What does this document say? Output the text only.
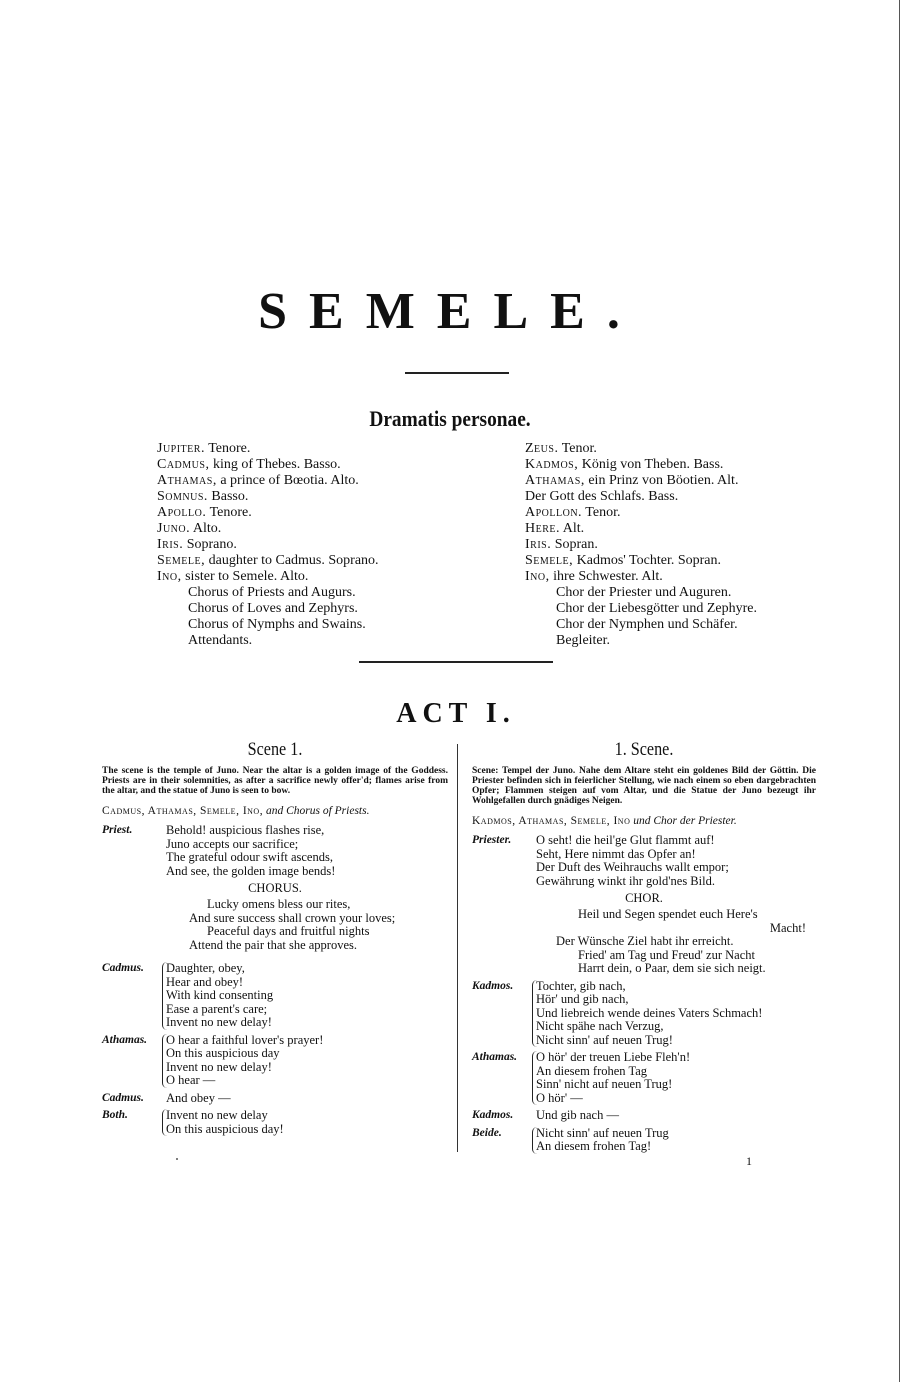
SEMELE.
Dramatis personae.
Jupiter. Tenore.
Cadmus, king of Thebes. Basso.
Athamas, a prince of Bœotia. Alto.
Somnus. Basso.
Apollo. Tenore.
Juno. Alto.
Iris. Soprano.
Semele, daughter to Cadmus. Soprano.
Ino, sister to Semele. Alto.
Chorus of Priests and Augurs.
Chorus of Loves and Zephyrs.
Chorus of Nymphs and Swains.
Attendants.
Zeus. Tenor.
Kadmos, König von Theben. Bass.
Athamas, ein Prinz von Böotien. Alt.
Der Gott des Schlafs. Bass.
Apollon. Tenor.
Here. Alt.
Iris. Sopran.
Semele, Kadmos' Tochter. Sopran.
Ino, ihre Schwester. Alt.
Chor der Priester und Auguren.
Chor der Liebesgötter und Zephyre.
Chor der Nymphen und Schäfer.
Begleiter.
ACT I.
Scene 1.

The scene is the temple of Juno. Near the altar is a golden image of the Goddess. Priests are in their solemnities, as after a sacrifice newly offer'd; flames arise from the altar, and the statue of Juno is seen to bow.

Cadmus, Athamas, Semele, Ino, and Chorus of Priests.
Priest.	Behold! auspicious flashes rise,
Juno accepts our sacrifice;
The grateful odour swift ascends,
And see, the golden image bends!
CHORUS.
Lucky omens bless our rites,
And sure success shall crown your loves;
Peaceful days and fruitful nights
Attend the pair that she approves.
Cadmus.	Daughter, obey,
Hear and obey!
With kind consenting
Ease a parent's care;
Invent no new delay!
Athamas.	O hear a faithful lover's prayer!
On this auspicious day
Invent no new delay!
O hear —
Cadmus.	And obey —
Both.	Invent no new delay
On this auspicious day!
1. Scene.

Scene: Tempel der Juno. Nahe dem Altare steht ein goldenes Bild der Göttin. Die Priester befinden sich in feierlicher Stellung, wie nach einem so eben dargebrachten Opfer; Flammen steigen auf vom Altar, und die Statue der Juno bezeugt ihr Wohlgefallen durch gnädiges Neigen.

Kadmos, Athamas, Semele, Ino und Chor der Priester.
Priester.	O seht! die heil'ge Glut flammt auf!
Seht, Here nimmt das Opfer an!
Der Duft des Weihrauchs wallt empor;
Gewährung winkt ihr gold'nes Bild.
CHOR.
Heil und Segen spendet euch Here's
Macht!
Der Wünsche Ziel habt ihr erreicht.
Fried' am Tag und Freud' zur Nacht
Harrt dein, o Paar, dem sie sich neigt.
Kadmos.	Tochter, gib nach,
Hör' und gib nach,
Und liebreich wende deines Vaters Schmach!
Nicht spähe nach Verzug,
Nicht sinn' auf neuen Trug!
Athamas.	O hör' der treuen Liebe Fleh'n!
An diesem frohen Tag
Sinn' nicht auf neuen Trug!
O hör' —
Kadmos.	Und gib nach —
Beide.	Nicht sinn' auf neuen Trug
An diesem frohen Tag!
1
